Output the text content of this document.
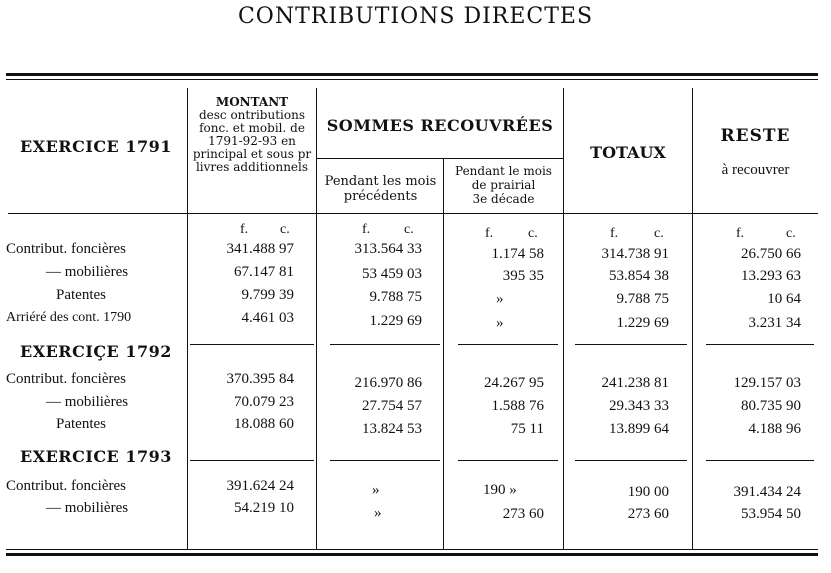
CONTRIBUTIONS DIRECTES
EXERCICE 1791
MONTANT
desc ontributions
fonc. et mobil. de
1791-92-93 en
principal et sous pr
livres additionnels
SOMMES RECOUVRÉES
Pendant les mois
précédents
Pendant le mois
de prairial
3e décade
TOTAUX
RESTE
à recouvrer
f. c.	f. c.	f. c.	f.	c.	f.	c.
Contribut. foncières	341.488 97	313.564 33	1.174 58	314.738 91	26.750 66
— mobilières	67.147 81	53 459 03	395 35	53.854 38	13.293 63
Patentes	9.799 39	9.788 75	»	9.788 75	10 64
Arriéré des cont. 1790	4.461 03	1.229 69	»	1.229 69	3.231 34
EXERCIÇE 1792
Contribut. foncières	370.395 84	216.970 86	24.267 95	241.238 81	129.157 03
— mobilières	70.079 23	27.754 57	1.588 76	29.343 33	80.735 90
Patentes	18.088 60	13.824 53	75 11	13.899 64	4.188 96
EXERCICE 1793
Contribut. foncières	391.624 24	»	190 »	190 00	391.434 24
— mobilières	54.219 10	»	273 60	273 60	53.954 50
